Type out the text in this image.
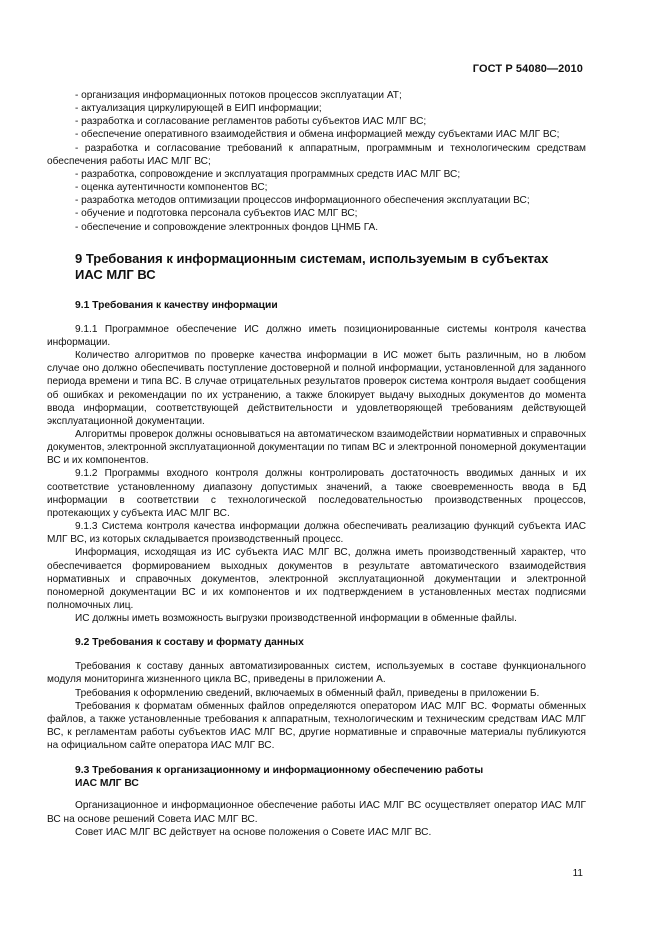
ГОСТ Р 54080—2010

- организация информационных потоков процессов эксплуатации АТ;

- актуализация циркулирующей в ЕИП информации;

- разработка и согласование регламентов работы субъектов ИАС МЛГ ВС;

- обеспечение оперативного взаимодействия и обмена информацией между субъектами ИАС МЛГ ВС;

- разработка и согласование требований к аппаратным, программным и технологическим средствам обеспечения работы ИАС МЛГ ВС;

- разработка, сопровождение и эксплуатация программных средств ИАС МЛГ ВС;

- оценка аутентичности компонентов ВС;

- разработка методов оптимизации процессов информационного обеспечения эксплуатации ВС;

- обучение и подготовка персонала субъектов ИАС МЛГ ВС;

- обеспечение и сопровождение электронных фондов ЦНМБ ГА.

9 Требования к информационным системам, используемым в субъектах
ИАС МЛГ ВС
9.1 Требования к качеству информации

9.1.1 Программное обеспечение ИС должно иметь позиционированные системы контроля качества информации.

Количество алгоритмов по проверке качества информации в ИС может быть различным, но в любом случае оно должно обеспечивать поступление достоверной и полной информации, установленной для заданного периода времени и типа ВС. В случае отрицательных результатов проверок система контроля выдает сообщения об ошибках и рекомендации по их устранению, а также блокирует выдачу выходных документов до момента ввода информации, соответствующей действительности и удовлетворяющей требованиям действующей эксплуатационной документации.

Алгоритмы проверок должны основываться на автоматическом взаимодействии нормативных и справочных документов, электронной эксплуатационной документации по типам ВС и электронной пономерной документации ВС и их компонентов.

9.1.2 Программы входного контроля должны контролировать достаточность вводимых данных и их соответствие установленному диапазону допустимых значений, а также своевременность ввода в БД информации в соответствии с технологической последовательностью производственных процессов, протекающих у субъекта ИАС МЛГ ВС.

9.1.3 Система контроля качества информации должна обеспечивать реализацию функций субъекта ИАС МЛГ ВС, из которых складывается производственный процесс.

Информация, исходящая из ИС субъекта ИАС МЛГ ВС, должна иметь производственный характер, что обеспечивается формированием выходных документов в результате автоматического взаимодействия нормативных и справочных документов, электронной эксплуатационной документации и электронной пономерной документации ВС и их компонентов и их подтверждением в установленных местах подписями полномочных лиц.

ИС должны иметь возможность выгрузки производственной информации в обменные файлы.

9.2 Требования к составу и формату данных

Требования к составу данных автоматизированных систем, используемых в составе функционального модуля мониторинга жизненного цикла ВС, приведены в приложении А.

Требования к оформлению сведений, включаемых в обменный файл, приведены в приложении Б.

Требования к форматам обменных файлов определяются оператором ИАС МЛГ ВС. Форматы обменных файлов, а также установленные требования к аппаратным, технологическим и техническим средствам ИАС МЛГ ВС, к регламентам работы субъектов ИАС МЛГ ВС, другие нормативные и справочные материалы публикуются на официальном сайте оператора ИАС МЛГ ВС.

9.3 Требования к организационному и информационному обеспечению работы
ИАС МЛГ ВС

Организационное и информационное обеспечение работы ИАС МЛГ ВС осуществляет оператор ИАС МЛГ ВС на основе решений Совета ИАС МЛГ ВС.

Совет ИАС МЛГ ВС действует на основе положения о Совете ИАС МЛГ ВС.

11
